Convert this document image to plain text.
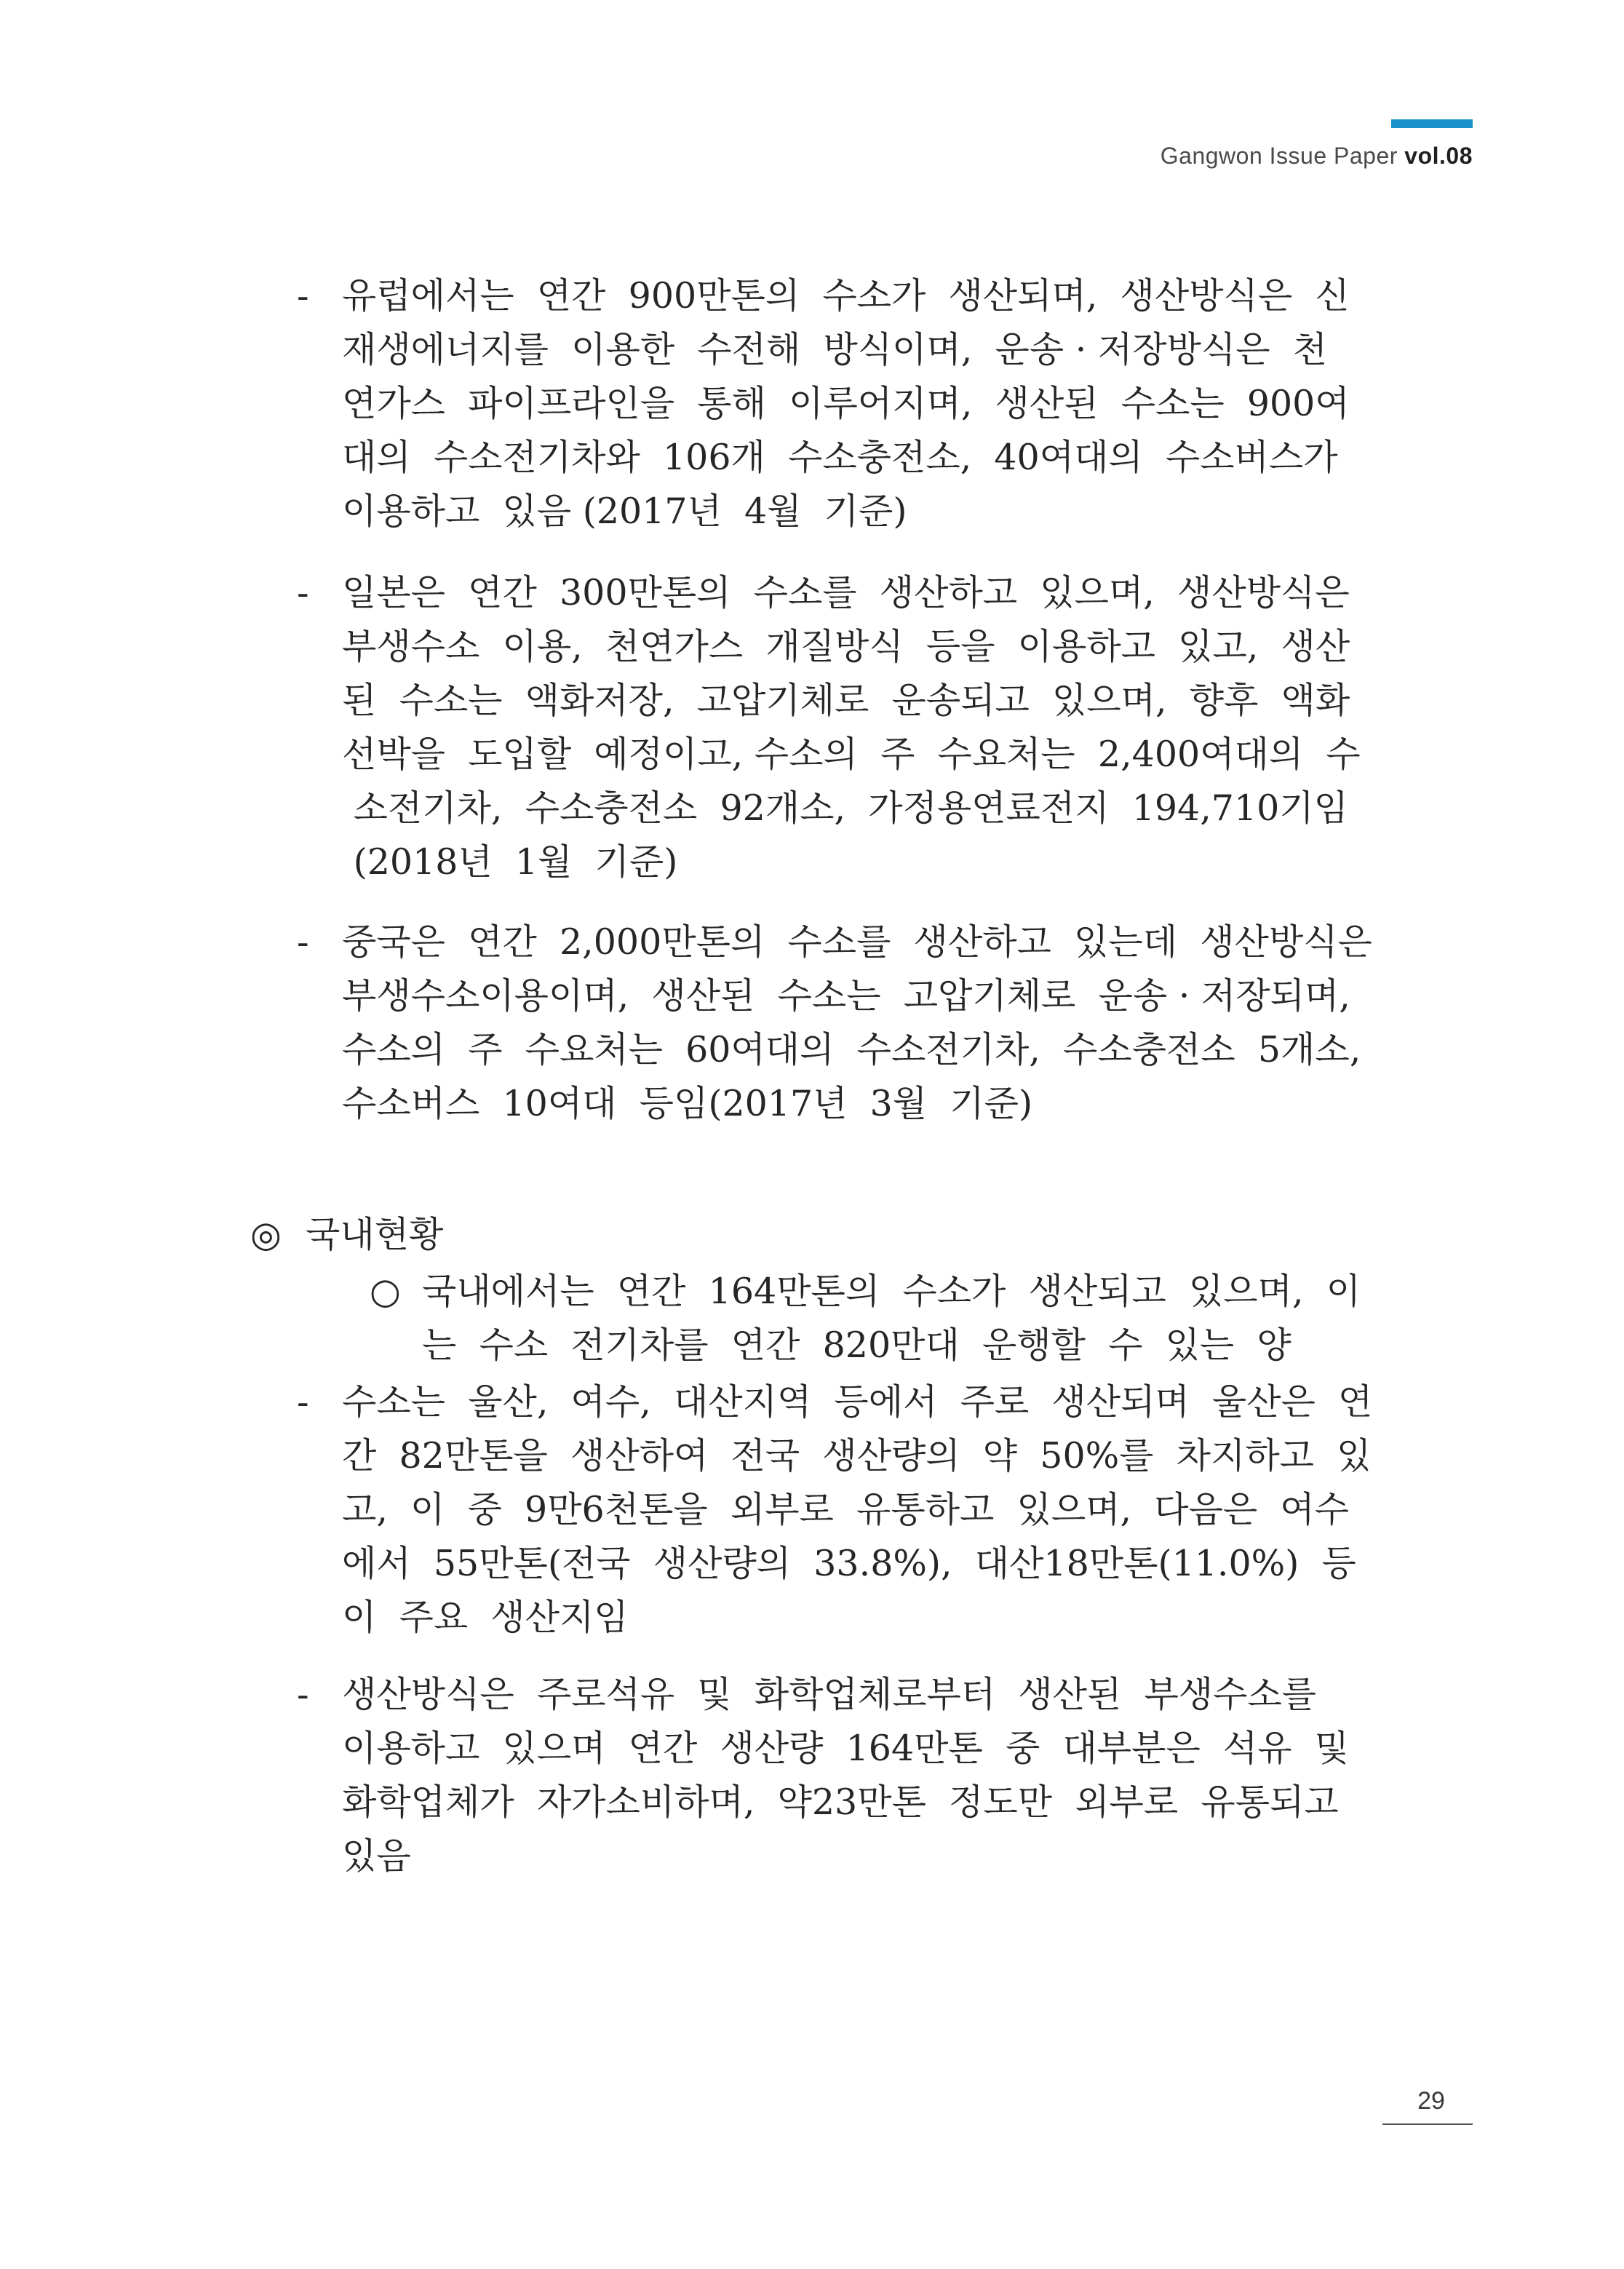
Gangwon Issue Paper vol.08
- 유럽에서는  연간  900만톤의  수소가  생산되며,  생산방식은  신
재생에너지를  이용한  수전해  방식이며,  운송 · 저장방식은  천
연가스  파이프라인을  통해  이루어지며,  생산된  수소는  900여
대의  수소전기차와  106개  수소충전소,  40여대의  수소버스가
이용하고  있음 (2017년  4월  기준)
- 일본은  연간  300만톤의  수소를  생산하고  있으며,  생산방식은
부생수소  이용,  천연가스  개질방식  등을  이용하고  있고,  생산
된  수소는  액화저장,  고압기체로  운송되고  있으며,  향후  액화
선박을  도입할  예정이고, 수소의  주  수요처는  2,400여대의  수
소전기차,  수소충전소  92개소,  가정용연료전지  194,710기임
(2018년  1월  기준)
- 중국은  연간  2,000만톤의  수소를  생산하고  있는데  생산방식은
부생수소이용이며,  생산된  수소는  고압기체로  운송 · 저장되며,
수소의  주  수요처는  60여대의  수소전기차,  수소충전소  5개소,
수소버스  10여대  등임(2017년  3월  기준)
◎ 국내현황
○ 국내에서는  연간  164만톤의  수소가  생산되고  있으며,  이
는  수소  전기차를  연간  820만대  운행할  수  있는  양
- 수소는  울산,  여수,  대산지역  등에서  주로  생산되며  울산은  연
간  82만톤을  생산하여  전국  생산량의  약  50%를  차지하고  있
고,  이  중  9만6천톤을  외부로  유통하고  있으며,  다음은  여수
에서  55만톤(전국  생산량의  33.8%),  대산18만톤(11.0%)  등
이  주요  생산지임
- 생산방식은  주로석유  및  화학업체로부터  생산된  부생수소를
이용하고  있으며  연간  생산량  164만톤  중  대부분은  석유  및
화학업체가  자가소비하며,  약23만톤  정도만  외부로  유통되고
있음
29
